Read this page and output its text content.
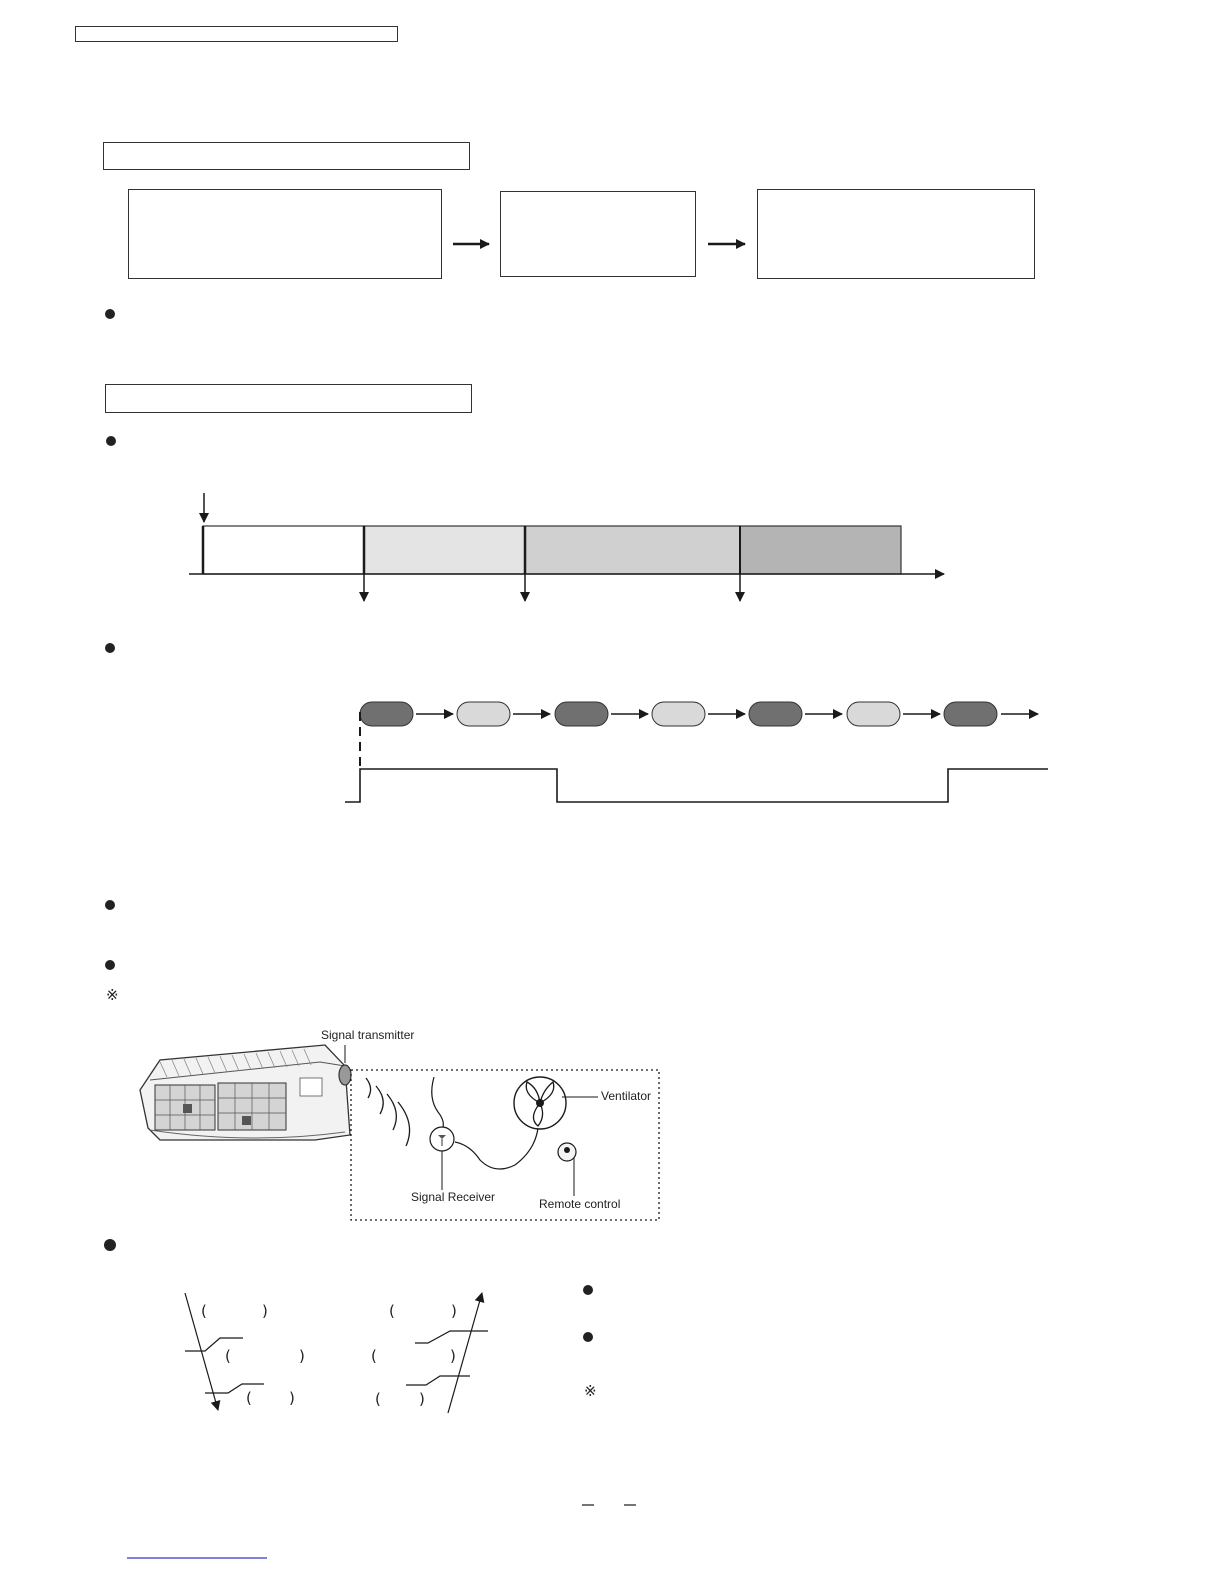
(	)	(	)
(	)	(	)
( )	(	)
※
※
Signal transmitter
Ventilator
Signal Receiver	Remote control
